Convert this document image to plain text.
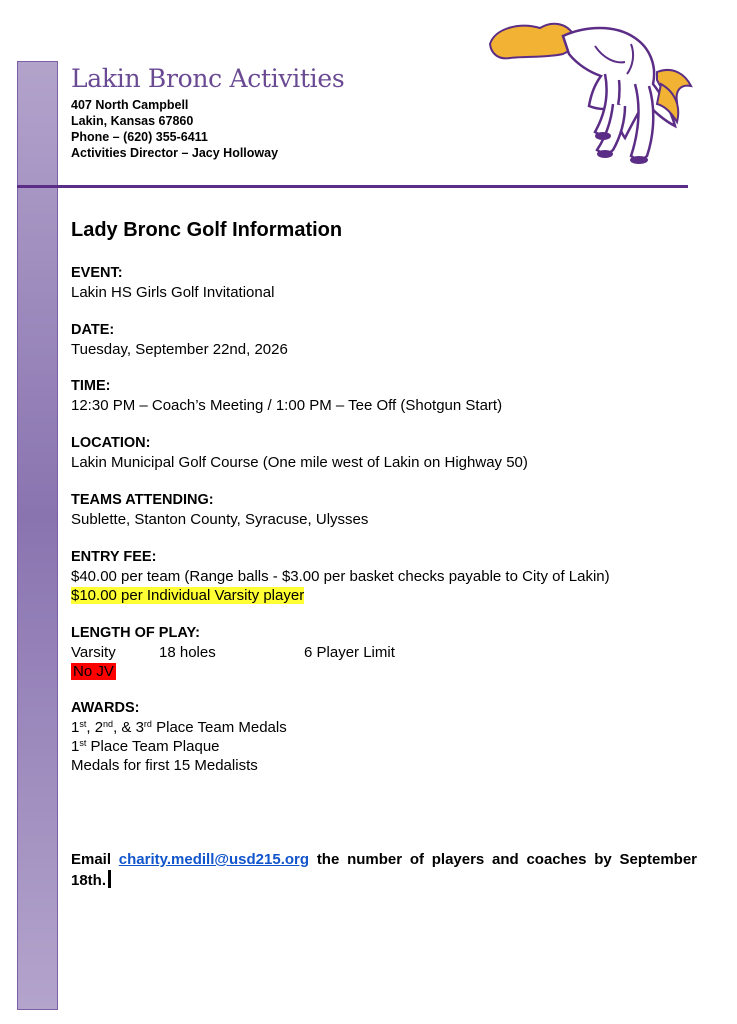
Lakin Bronc Activities
407 North Campbell
Lakin, Kansas 67860
Phone – (620) 355-6411
Activities Director – Jacy Holloway
Lady Bronc Golf Information
EVENT:
Lakin HS Girls Golf Invitational
DATE:
Tuesday, September 22nd, 2026
TIME:
12:30 PM – Coach’s Meeting / 1:00 PM – Tee Off (Shotgun Start)
LOCATION:
Lakin Municipal Golf Course (One mile west of Lakin on Highway 50)
TEAMS ATTENDING:
Sublette, Stanton County, Syracuse, Ulysses
ENTRY FEE:
$40.00 per team (Range balls - $3.00 per basket checks payable to City of Lakin)
$10.00 per Individual Varsity player
LENGTH OF PLAY:
Varsity	18 holes	6 Player Limit
No JV
AWARDS:
1st, 2nd, & 3rd Place Team Medals
1st Place Team Plaque
Medals for first 15 Medalists
Email charity.medill@usd215.org the number of players and coaches by September 18th.
